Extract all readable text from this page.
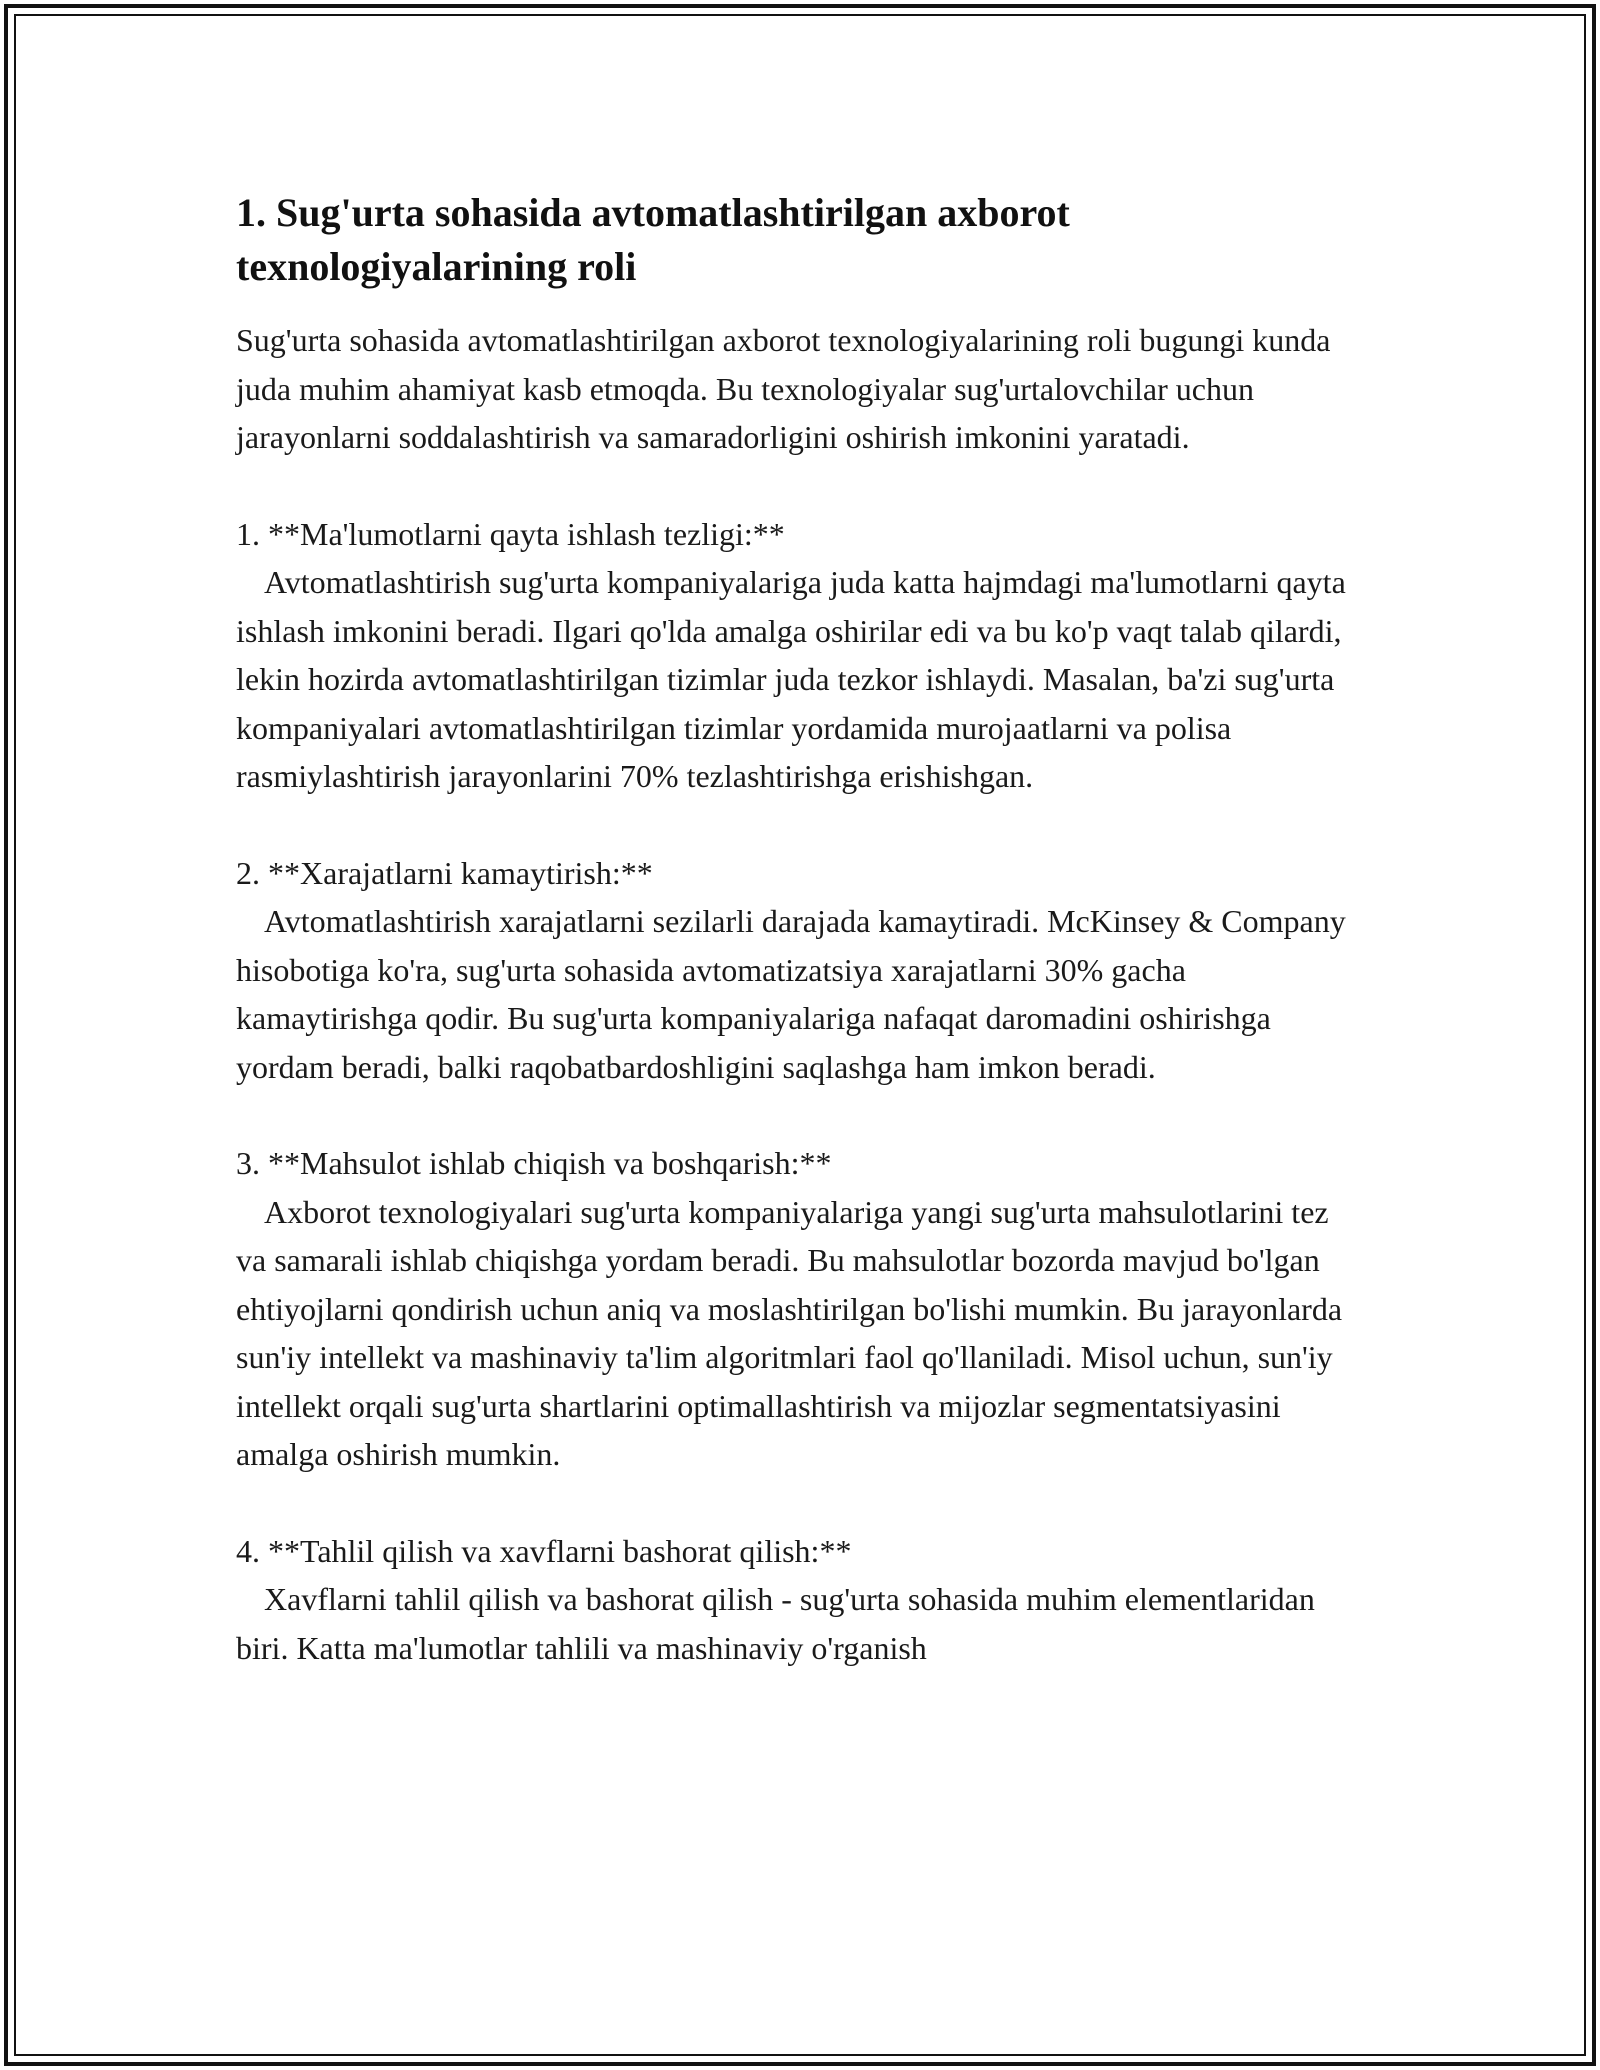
1. Sug'urta sohasida avtomatlashtirilgan axborot texnologiyalarining roli

Sug'urta sohasida avtomatlashtirilgan axborot texnologiyalarining roli bugungi kunda juda muhim ahamiyat kasb etmoqda. Bu texnologiyalar sug'urtalovchilar uchun jarayonlarni soddalashtirish va samaradorligini oshirish imkonini yaratadi.

1. **Ma'lumotlarni qayta ishlash tezligi:**

Avtomatlashtirish sug'urta kompaniyalariga juda katta hajmdagi ma'lumotlarni qayta ishlash imkonini beradi. Ilgari qo'lda amalga oshirilar edi va bu ko'p vaqt talab qilardi, lekin hozirda avtomatlashtirilgan tizimlar juda tezkor ishlaydi. Masalan, ba'zi sug'urta kompaniyalari avtomatlashtirilgan tizimlar yordamida murojaatlarni va polisa rasmiylashtirish jarayonlarini 70% tezlashtirishga erishishgan.

2. **Xarajatlarni kamaytirish:**

Avtomatlashtirish xarajatlarni sezilarli darajada kamaytiradi. McKinsey & Company hisobotiga ko'ra, sug'urta sohasida avtomatizatsiya xarajatlarni 30% gacha kamaytirishga qodir. Bu sug'urta kompaniyalariga nafaqat daromadini oshirishga yordam beradi, balki raqobatbardoshligini saqlashga ham imkon beradi.

3. **Mahsulot ishlab chiqish va boshqarish:**

Axborot texnologiyalari sug'urta kompaniyalariga yangi sug'urta mahsulotlarini tez va samarali ishlab chiqishga yordam beradi. Bu mahsulotlar bozorda mavjud bo'lgan ehtiyojlarni qondirish uchun aniq va moslashtirilgan bo'lishi mumkin. Bu jarayonlarda sun'iy intellekt va mashinaviy ta'lim algoritmlari faol qo'llaniladi. Misol uchun, sun'iy intellekt orqali sug'urta shartlarini optimallashtirish va mijozlar segmentatsiyasini amalga oshirish mumkin.

4. **Tahlil qilish va xavflarni bashorat qilish:**

Xavflarni tahlil qilish va bashorat qilish - sug'urta sohasida muhim elementlaridan biri. Katta ma'lumotlar tahlili va mashinaviy o'rganish
